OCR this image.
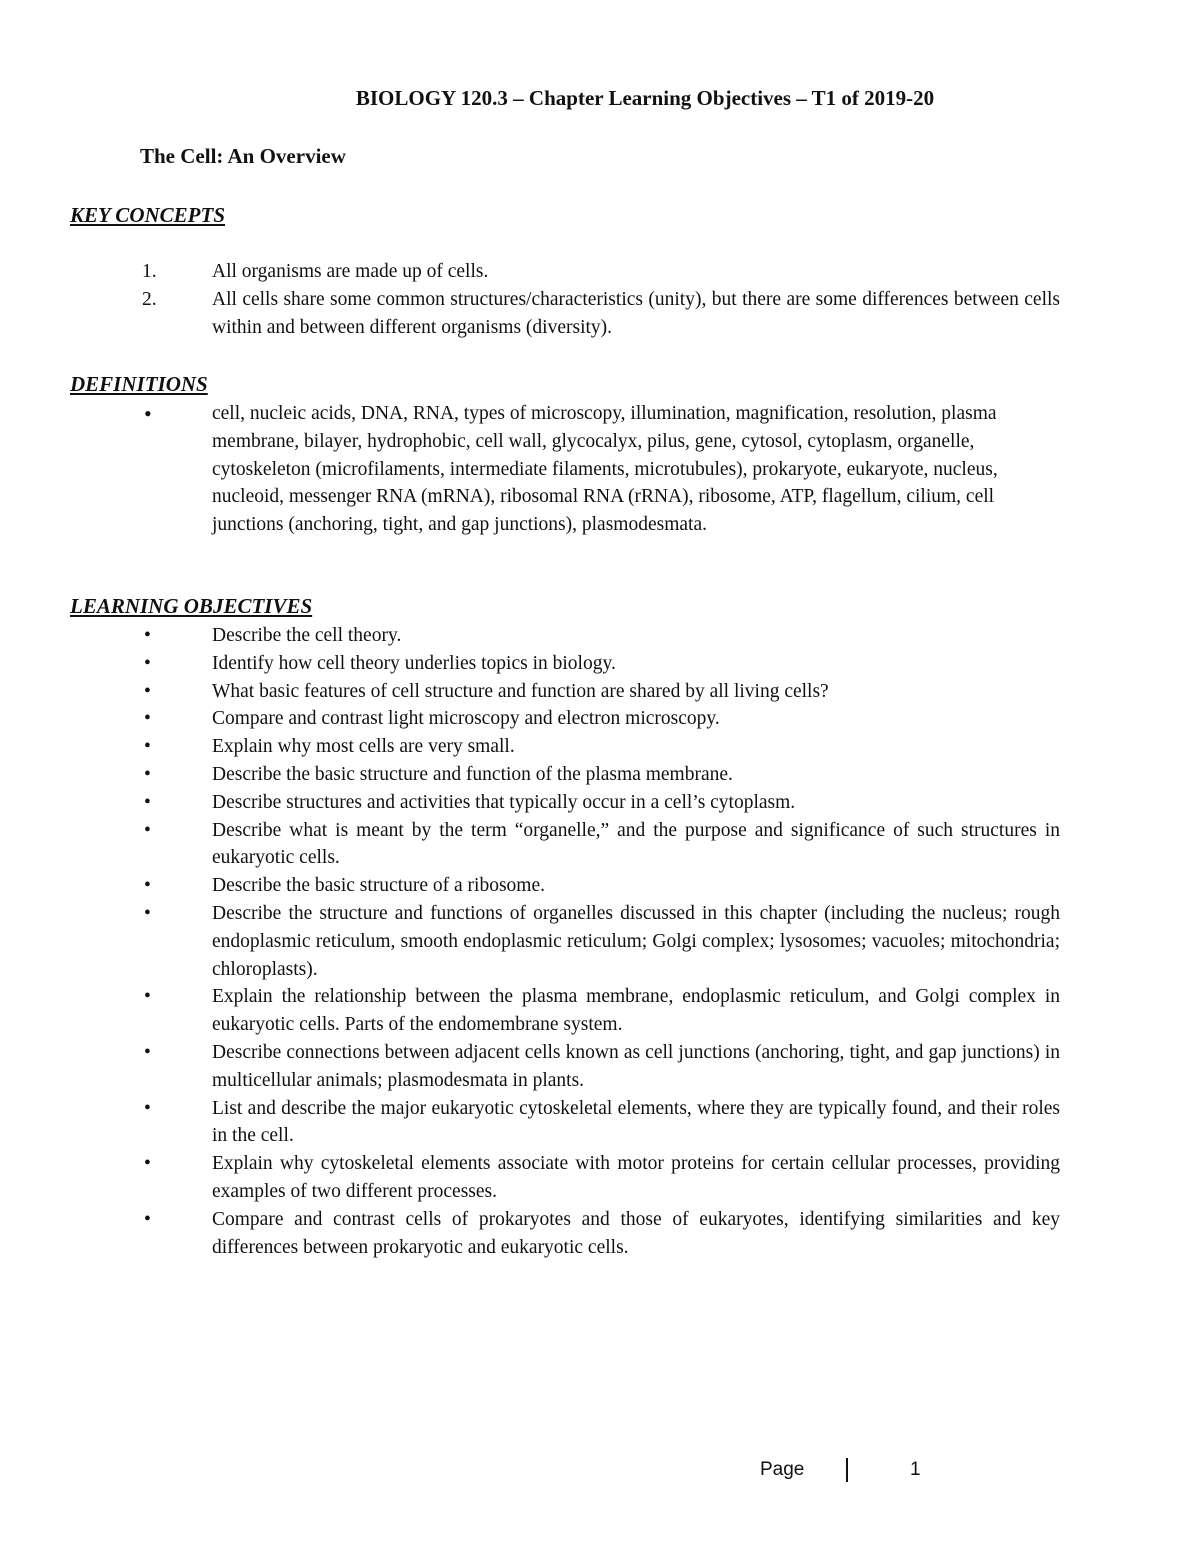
BIOLOGY 120.3 – Chapter Learning Objectives – T1 of 2019-20
The Cell: An Overview
KEY CONCEPTS
1.	All organisms are made up of cells.
2.	All cells share some common structures/characteristics (unity), but there are some differences between cells within and between different organisms (diversity).
DEFINITIONS
•	cell, nucleic acids, DNA, RNA, types of microscopy, illumination, magnification, resolution, plasma membrane, bilayer, hydrophobic, cell wall, glycocalyx, pilus, gene, cytosol, cytoplasm, organelle, cytoskeleton (microfilaments, intermediate filaments, microtubules), prokaryote, eukaryote, nucleus, nucleoid, messenger RNA (mRNA), ribosomal RNA (rRNA), ribosome, ATP, flagellum, cilium, cell junctions (anchoring, tight, and gap junctions), plasmodesmata.
LEARNING OBJECTIVES
•	Describe the cell theory.
•	Identify how cell theory underlies topics in biology.
•	What basic features of cell structure and function are shared by all living cells?
•	Compare and contrast light microscopy and electron microscopy.
•	Explain why most cells are very small.
•	Describe the basic structure and function of the plasma membrane.
•	Describe structures and activities that typically occur in a cell’s cytoplasm.
•	Describe what is meant by the term “organelle,” and the purpose and significance of such structures in eukaryotic cells.
•	Describe the basic structure of a ribosome.
•	Describe the structure and functions of organelles discussed in this chapter (including the nucleus; rough endoplasmic reticulum, smooth endoplasmic reticulum; Golgi complex; lysosomes; vacuoles; mitochondria; chloroplasts).
•	Explain the relationship between the plasma membrane, endoplasmic reticulum, and Golgi complex in eukaryotic cells. Parts of the endomembrane system.
•	Describe connections between adjacent cells known as cell junctions (anchoring, tight, and gap junctions) in multicellular animals; plasmodesmata in plants.
•	List and describe the major eukaryotic cytoskeletal elements, where they are typically found, and their roles in the cell.
•	Explain why cytoskeletal elements associate with motor proteins for certain cellular processes, providing examples of two different processes.
•	Compare and contrast cells of prokaryotes and those of eukaryotes, identifying similarities and key differences between prokaryotic and eukaryotic cells.
Page	1
